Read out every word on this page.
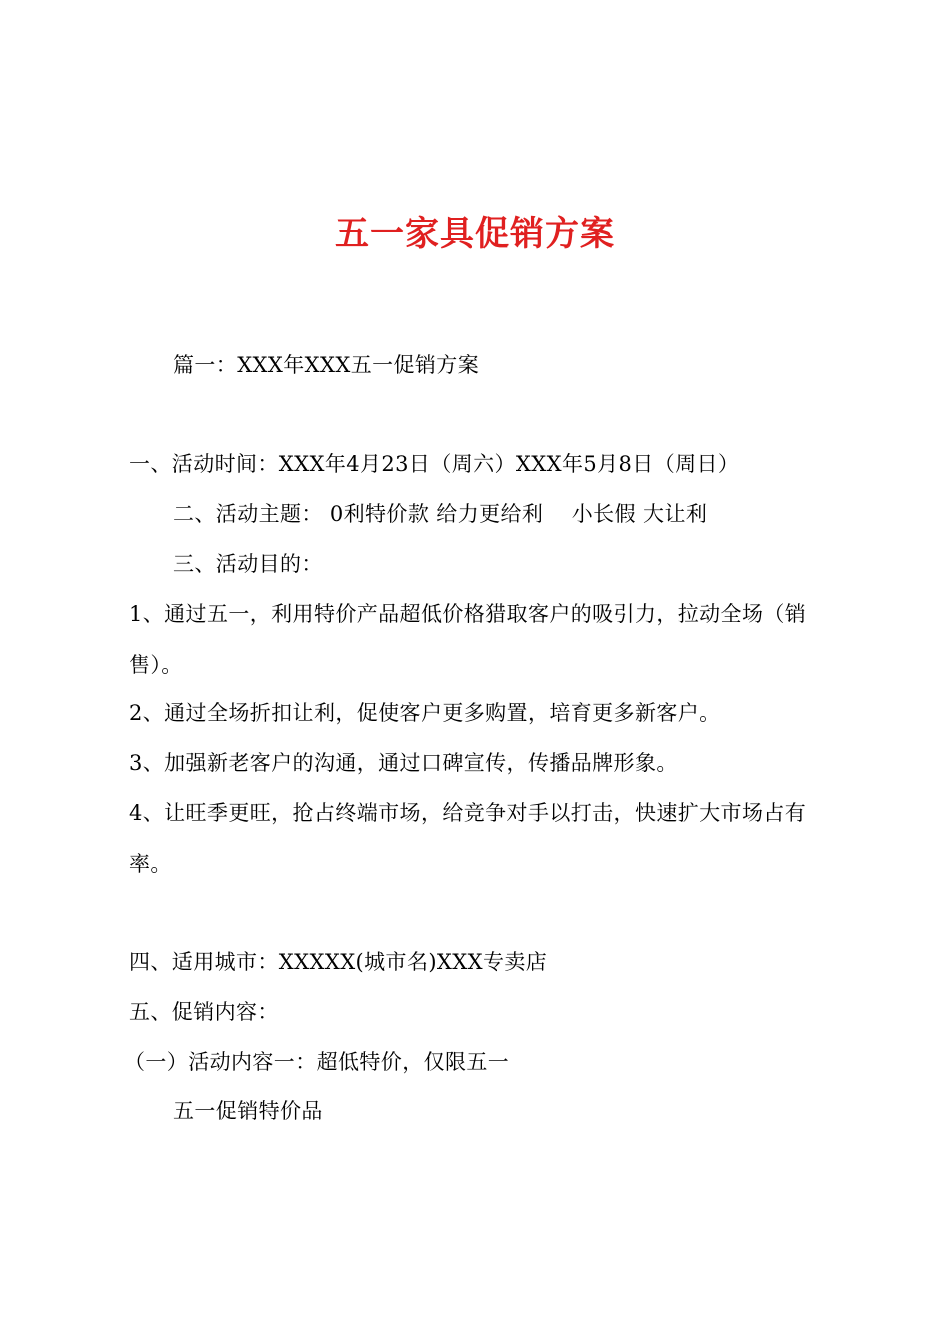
五一家具促销方案
篇一：XXX年XXX五一促销方案
一、活动时间：XXX年4月23日（周六）XXX年5月8日（周日）
二、活动主题： 0利特价款 给力更给利　 小长假 大让利
三、活动目的：
1、通过五一，利用特价产品超低价格猎取客户的吸引力，拉动全场（销售）。
2、通过全场折扣让利，促使客户更多购置，培育更多新客户。
3、加强新老客户的沟通，通过口碑宣传，传播品牌形象。
4、让旺季更旺，抢占终端市场，给竞争对手以打击，快速扩大市场占有率。
四、适用城市：XXXXX(城市名)XXX专卖店
五、促销内容：
（一）活动内容一：超低特价，仅限五一
五一促销特价品
